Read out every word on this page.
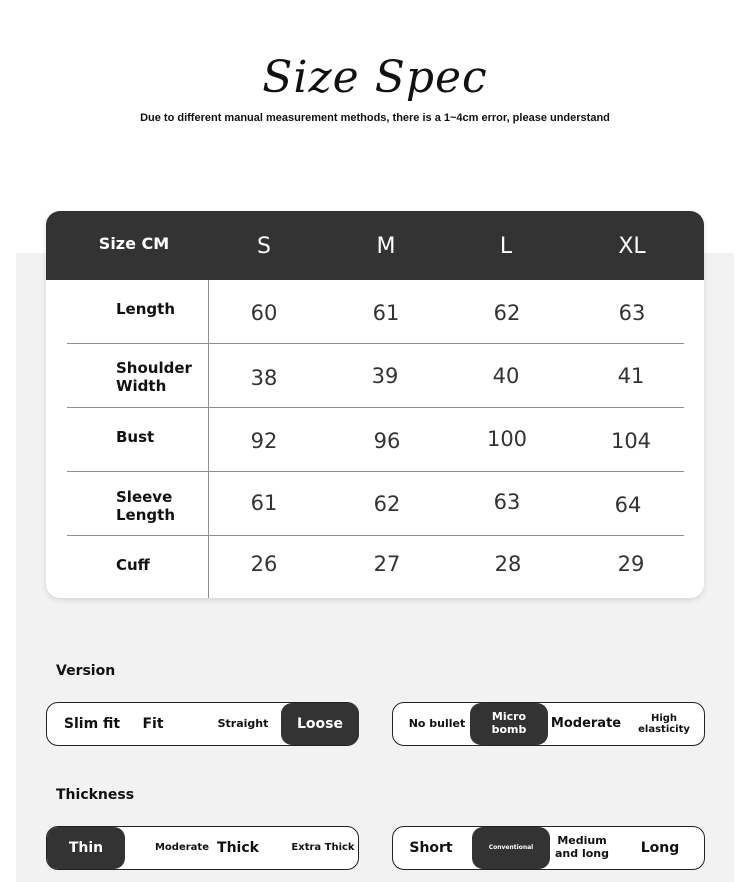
Size Spec
Due to different manual measurement methods, there is a 1~4cm error, please understand
Size CM	S	M	L	XL
Length	60	61	62	63
Shoulder
Width	38	39	40	41
Bust	92	96	100	104
Sleeve
Length	61	62	63	64
Cuff	26	27	28	29
Version
Slim fit	Fit	Straight	Loose	No bullet	Micro bomb	Moderate	High elasticity
Thickness
Thin	Moderate Thick	Extra Thick	Short	Conventional	Medium and long	Long
